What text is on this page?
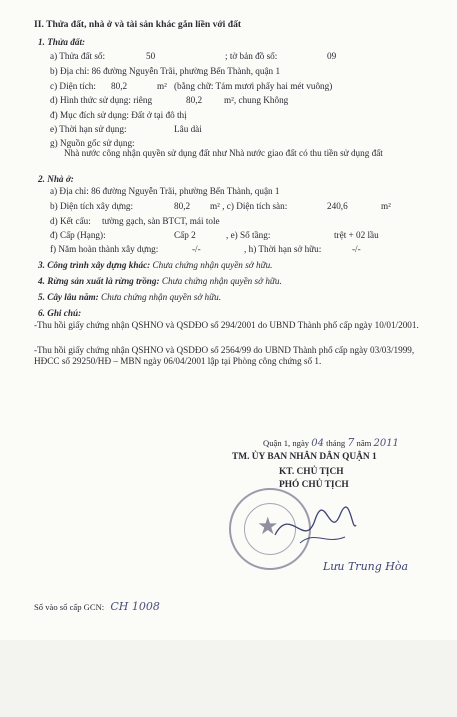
II. Thửa đất, nhà ở và tài sản khác gắn liền với đất
1. Thửa đất:
a) Thửa đất số:	50	; tờ bản đồ số:	09
b) Địa chỉ: 86 đường Nguyễn Trãi, phường Bến Thành, quận 1
c) Diện tích: 80,2	m² (bằng chữ: Tám mươi phẩy hai mét vuông)
d) Hình thức sử dụng: riêng	80,2 m², chung Không
đ) Mục đích sử dụng: Đất ở tại đô thị
e) Thời hạn sử dụng:	Lâu dài
g) Nguồn gốc sử dụng:
Nhà nước công nhận quyền sử dụng đất như Nhà nước giao đất có thu tiền sử dụng đất
2. Nhà ở:
a) Địa chỉ: 86 đường Nguyễn Trãi, phường Bến Thành, quận 1
b) Diện tích xây dựng:	80,2 m² , c) Diện tích sàn:	240,6	m²
d) Kết cấu: tường gạch, sàn BTCT, mái tole
đ) Cấp (Hạng):	Cấp 2	, e) Số tầng:	trệt + 02 lầu
f) Năm hoàn thành xây dựng:	-/-	, h) Thời hạn sở hữu:	-/-
3. Công trình xây dựng khác: Chưa chứng nhận quyền sở hữu.
4. Rừng sản xuất là rừng trồng: Chưa chứng nhận quyền sở hữu.
5. Cây lâu năm: Chưa chứng nhận quyền sở hữu.
6. Ghi chú:
-Thu hồi giấy chứng nhận QSHNO và QSDĐO số 294/2001 do UBND Thành phố cấp ngày 10/01/2001.
-Thu hồi giấy chứng nhận QSHNO và QSDĐO số 2564/99 do UBND Thành phố cấp ngày 03/03/1999, HĐCC số 29250/HĐ – MBN ngày 06/04/2001 lập tại Phòng công chứng số 1.
Quận 1, ngày 04 tháng 7 năm 2011
TM. ỦY BAN NHÂN DÂN QUẬN 1
KT. CHỦ TỊCH
PHÓ CHỦ TỊCH
★
Lưu Trung Hòa
Số vào sổ cấp GCN: CH 1008
